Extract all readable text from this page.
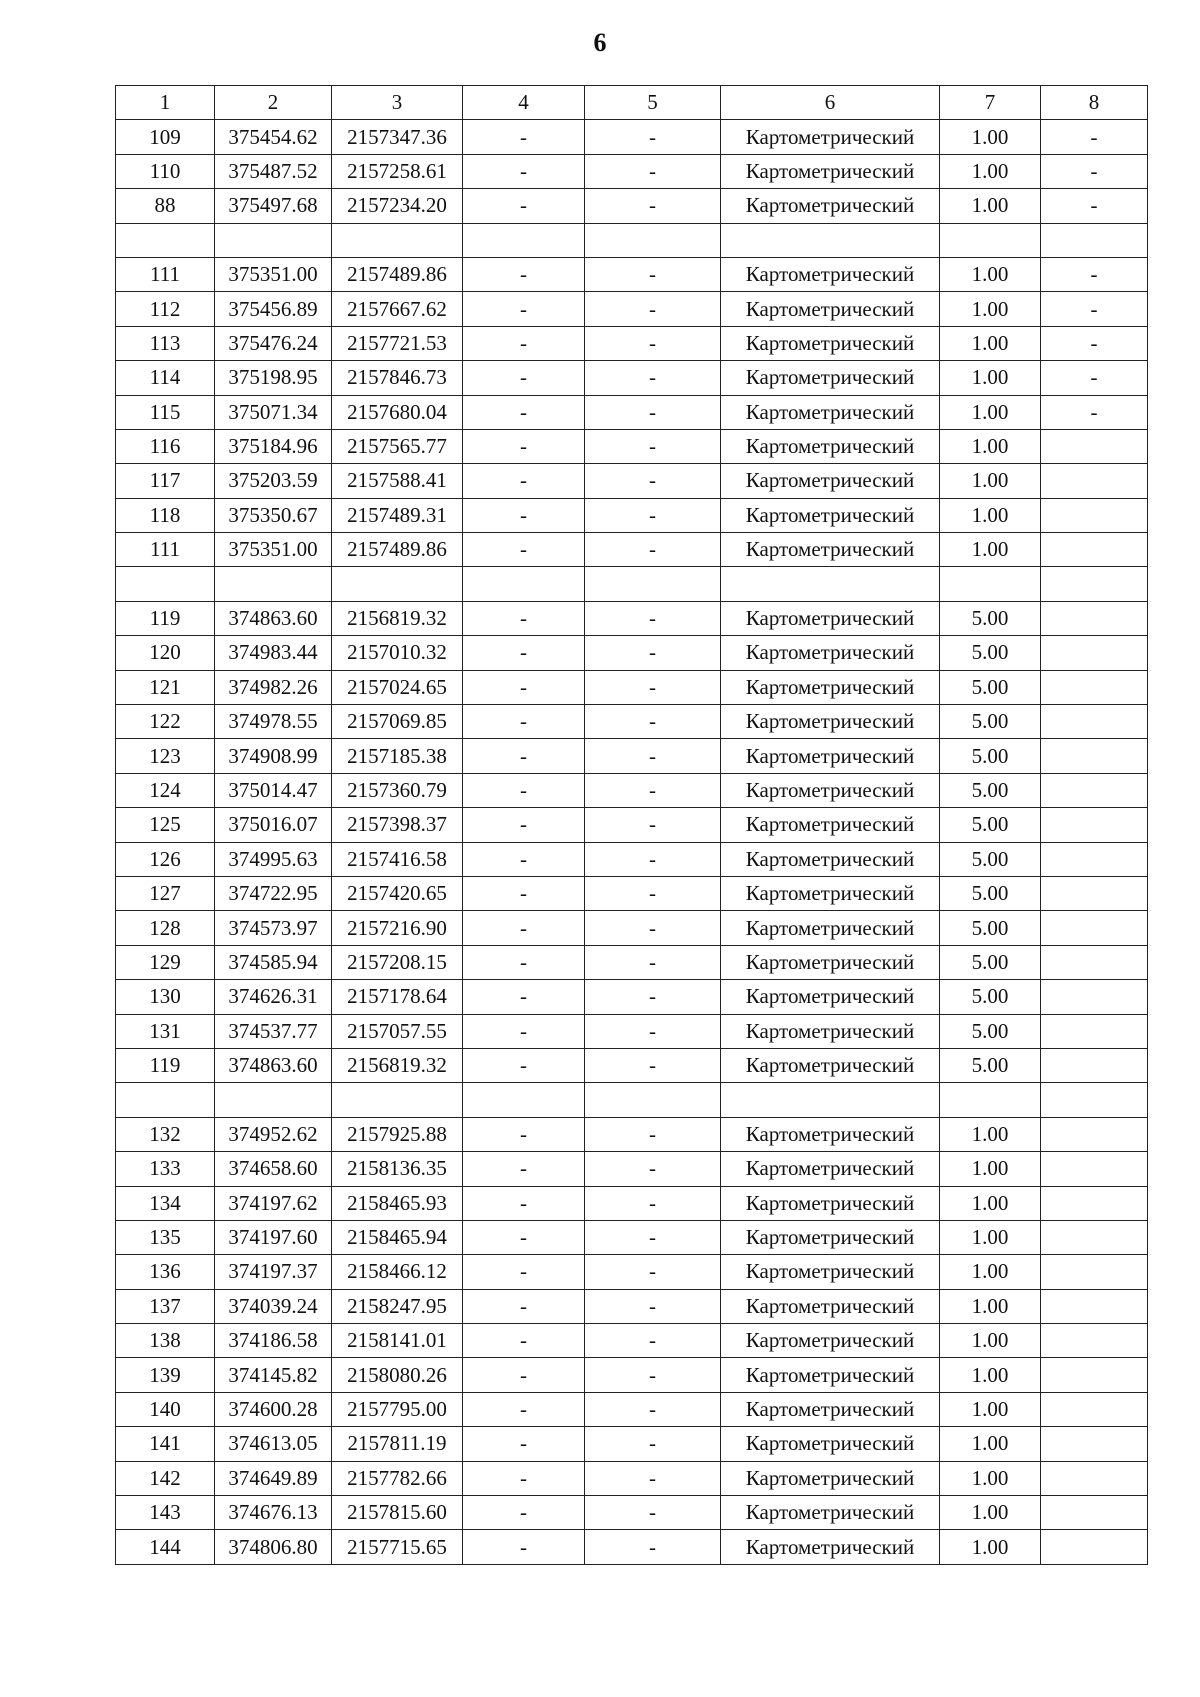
6
1	2	3	4	5	6	7	8
109	375454.62	2157347.36	-	-	Картометрический	1.00	-
110	375487.52	2157258.61	-	-	Картометрический	1.00	-
88	375497.68	2157234.20	-	-	Картометрический	1.00	-

111	375351.00	2157489.86	-	-	Картометрический	1.00	-
112	375456.89	2157667.62	-	-	Картометрический	1.00	-
113	375476.24	2157721.53	-	-	Картометрический	1.00	-
114	375198.95	2157846.73	-	-	Картометрический	1.00	-
115	375071.34	2157680.04	-	-	Картометрический	1.00	-
116	375184.96	2157565.77	-	-	Картометрический	1.00	
117	375203.59	2157588.41	-	-	Картометрический	1.00	
118	375350.67	2157489.31	-	-	Картометрический	1.00	
111	375351.00	2157489.86	-	-	Картометрический	1.00	

119	374863.60	2156819.32	-	-	Картометрический	5.00	
120	374983.44	2157010.32	-	-	Картометрический	5.00	
121	374982.26	2157024.65	-	-	Картометрический	5.00	
122	374978.55	2157069.85	-	-	Картометрический	5.00	
123	374908.99	2157185.38	-	-	Картометрический	5.00	
124	375014.47	2157360.79	-	-	Картометрический	5.00	
125	375016.07	2157398.37	-	-	Картометрический	5.00	
126	374995.63	2157416.58	-	-	Картометрический	5.00	
127	374722.95	2157420.65	-	-	Картометрический	5.00	
128	374573.97	2157216.90	-	-	Картометрический	5.00	
129	374585.94	2157208.15	-	-	Картометрический	5.00	
130	374626.31	2157178.64	-	-	Картометрический	5.00	
131	374537.77	2157057.55	-	-	Картометрический	5.00	
119	374863.60	2156819.32	-	-	Картометрический	5.00	

132	374952.62	2157925.88	-	-	Картометрический	1.00	
133	374658.60	2158136.35	-	-	Картометрический	1.00	
134	374197.62	2158465.93	-	-	Картометрический	1.00	
135	374197.60	2158465.94	-	-	Картометрический	1.00	
136	374197.37	2158466.12	-	-	Картометрический	1.00	
137	374039.24	2158247.95	-	-	Картометрический	1.00	
138	374186.58	2158141.01	-	-	Картометрический	1.00	
139	374145.82	2158080.26	-	-	Картометрический	1.00	
140	374600.28	2157795.00	-	-	Картометрический	1.00	
141	374613.05	2157811.19	-	-	Картометрический	1.00	
142	374649.89	2157782.66	-	-	Картометрический	1.00	
143	374676.13	2157815.60	-	-	Картометрический	1.00	
144	374806.80	2157715.65	-	-	Картометрический	1.00	
